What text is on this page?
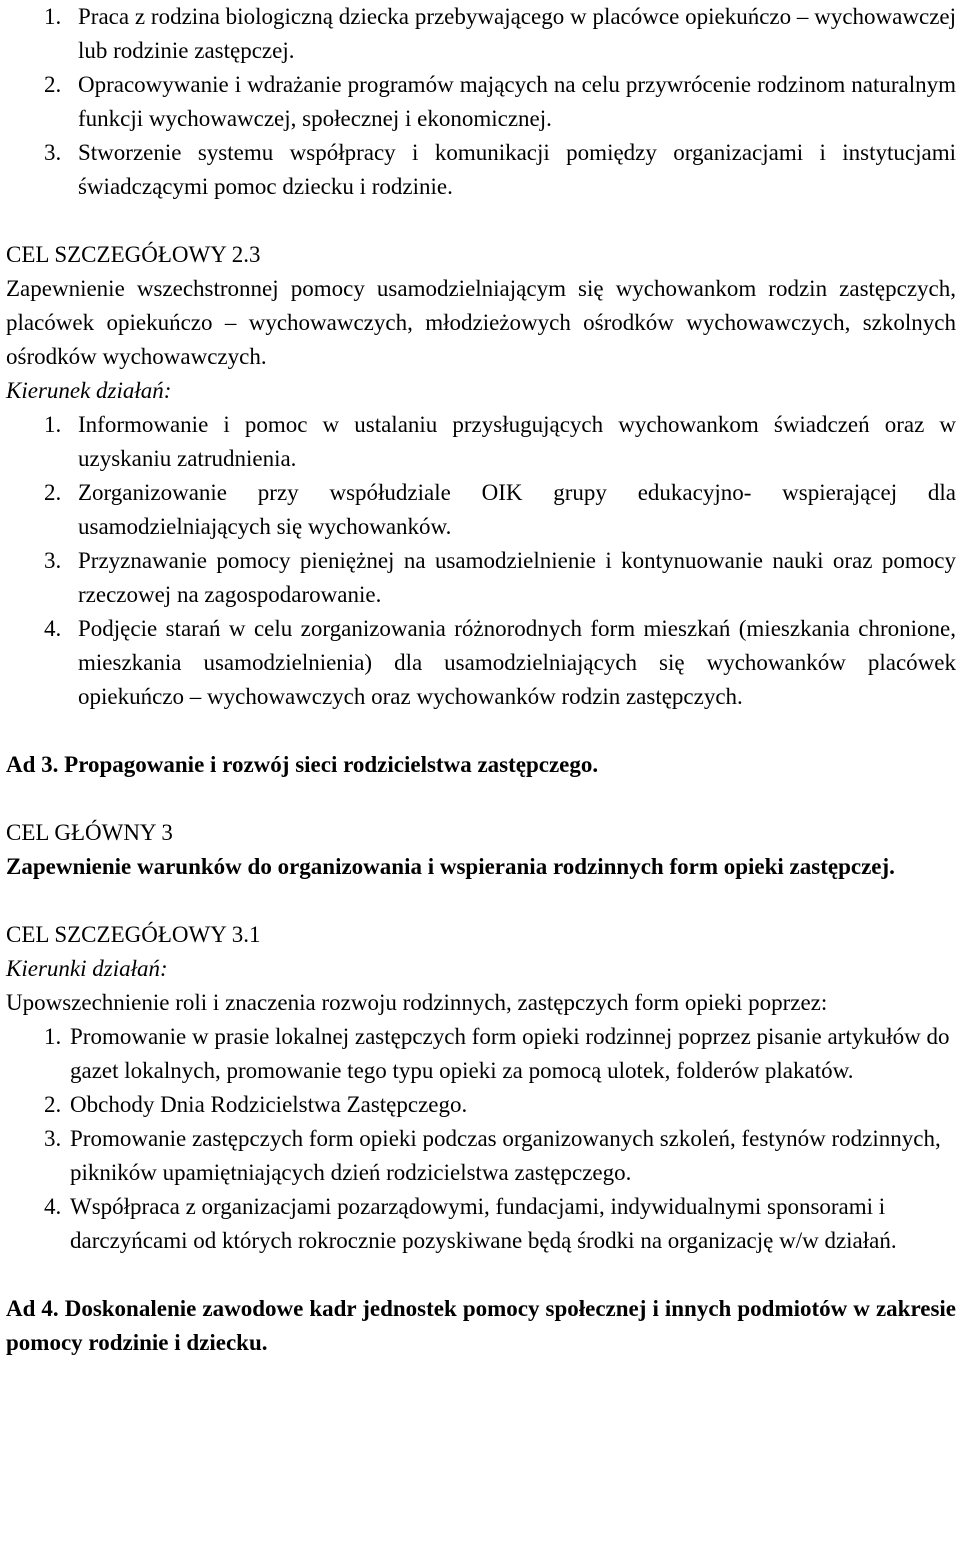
1. Praca z rodzina biologiczną dziecka przebywającego w placówce opiekuńczo – wychowawczej lub rodzinie zastępczej.
2. Opracowywanie i wdrażanie programów mających na celu przywrócenie rodzinom naturalnym funkcji wychowawczej, społecznej i ekonomicznej.
3. Stworzenie systemu współpracy i komunikacji pomiędzy organizacjami i instytucjami świadczącymi pomoc dziecku i rodzinie.

CEL SZCZEGÓŁOWY 2.3

Zapewnienie wszechstronnej pomocy usamodzielniającym się wychowankom rodzin zastępczych, placówek opiekuńczo – wychowawczych, młodzieżowych ośrodków wychowawczych, szkolnych ośrodków wychowawczych.

Kierunek działań:

1. Informowanie i pomoc w ustalaniu przysługujących wychowankom świadczeń oraz w uzyskaniu zatrudnienia.
2. Zorganizowanie przy współudziale OIK grupy edukacyjno- wspierającej dla usamodzielniających się wychowanków.
3. Przyznawanie pomocy pieniężnej na usamodzielnienie i kontynuowanie nauki oraz pomocy rzeczowej na zagospodarowanie.
4. Podjęcie starań w celu zorganizowania różnorodnych form mieszkań (mieszkania chronione, mieszkania usamodzielnienia) dla usamodzielniających się wychowanków placówek opiekuńczo – wychowawczych oraz wychowanków rodzin zastępczych.

Ad 3. Propagowanie i rozwój sieci rodzicielstwa zastępczego.

CEL GŁÓWNY 3

Zapewnienie warunków do organizowania i wspierania rodzinnych form opieki zastępczej.

CEL SZCZEGÓŁOWY 3.1

Kierunki działań:

Upowszechnienie roli i znaczenia rozwoju rodzinnych, zastępczych form opieki poprzez:

1. Promowanie w prasie lokalnej zastępczych form opieki rodzinnej poprzez pisanie artykułów do gazet lokalnych, promowanie tego typu opieki za pomocą ulotek, folderów plakatów.
2. Obchody Dnia Rodzicielstwa Zastępczego.
3. Promowanie zastępczych form opieki podczas organizowanych szkoleń, festynów rodzinnych, pikników upamiętniających dzień rodzicielstwa zastępczego.
4. Współpraca z organizacjami pozarządowymi, fundacjami, indywidualnymi sponsorami i darczyńcami od których rokrocznie pozyskiwane będą środki na organizację w/w działań.

Ad 4. Doskonalenie zawodowe kadr jednostek pomocy społecznej i innych podmiotów w zakresie pomocy rodzinie i dziecku.
